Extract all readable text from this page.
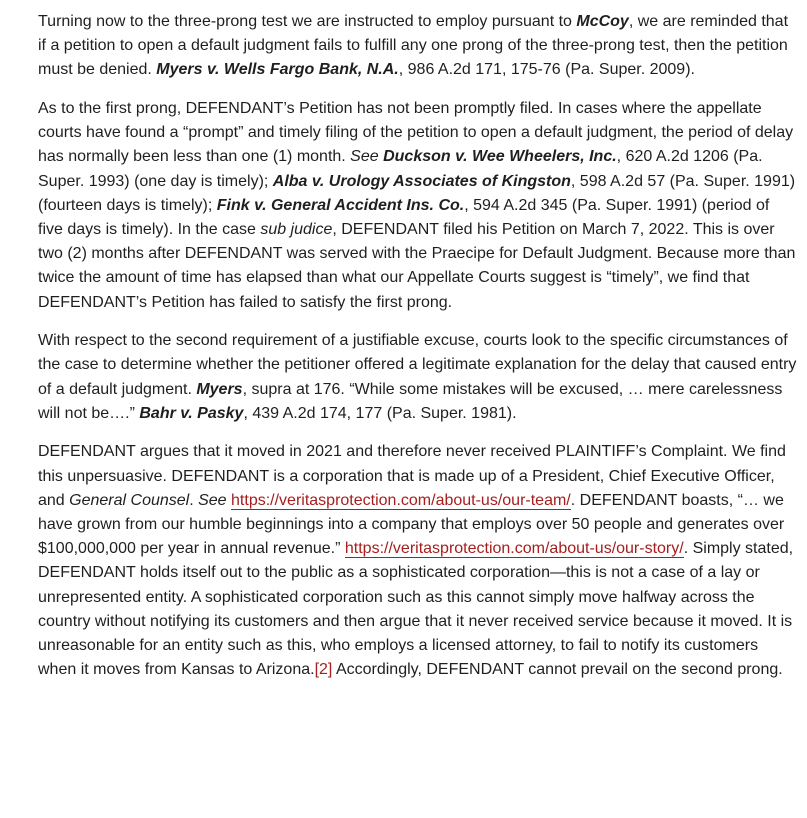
Turning now to the three-prong test we are instructed to employ pursuant to McCoy, we are reminded that if a petition to open a default judgment fails to fulfill any one prong of the three-prong test, then the petition must be denied. Myers v. Wells Fargo Bank, N.A., 986 A.2d 171, 175-76 (Pa. Super. 2009).

As to the first prong, DEFENDANT’s Petition has not been promptly filed. In cases where the appellate courts have found a “prompt” and timely filing of the petition to open a default judgment, the period of delay has normally been less than one (1) month. See Duckson v. Wee Wheelers, Inc., 620 A.2d 1206 (Pa. Super. 1993) (one day is timely); Alba v. Urology Associates of Kingston, 598 A.2d 57 (Pa. Super. 1991) (fourteen days is timely); Fink v. General Accident Ins. Co., 594 A.2d 345 (Pa. Super. 1991) (period of five days is timely). In the case sub judice, DEFENDANT filed his Petition on March 7, 2022. This is over two (2) months after DEFENDANT was served with the Praecipe for Default Judgment. Because more than twice the amount of time has elapsed than what our Appellate Courts suggest is “timely”, we find that DEFENDANT’s Petition has failed to satisfy the first prong.

With respect to the second requirement of a justifiable excuse, courts look to the specific circumstances of the case to determine whether the petitioner offered a legitimate explanation for the delay that caused entry of a default judgment. Myers, supra at 176. “While some mistakes will be excused, … mere carelessness will not be….” Bahr v. Pasky, 439 A.2d 174, 177 (Pa. Super. 1981).

DEFENDANT argues that it moved in 2021 and therefore never received PLAINTIFF’s Complaint. We find this unpersuasive. DEFENDANT is a corporation that is made up of a President, Chief Executive Officer, and General Counsel. See https://veritasprotection.com/about-us/our-team/. DEFENDANT boasts, “… we have grown from our humble beginnings into a company that employs over 50 people and generates over $100,000,000 per year in annual revenue.” https://veritasprotection.com/about-us/our-story/. Simply stated, DEFENDANT holds itself out to the public as a sophisticated corporation—this is not a case of a lay or unrepresented entity. A sophisticated corporation such as this cannot simply move halfway across the country without notifying its customers and then argue that it never received service because it moved. It is unreasonable for an entity such as this, who employs a licensed attorney, to fail to notify its customers when it moves from Kansas to Arizona.[2] Accordingly, DEFENDANT cannot prevail on the second prong.
